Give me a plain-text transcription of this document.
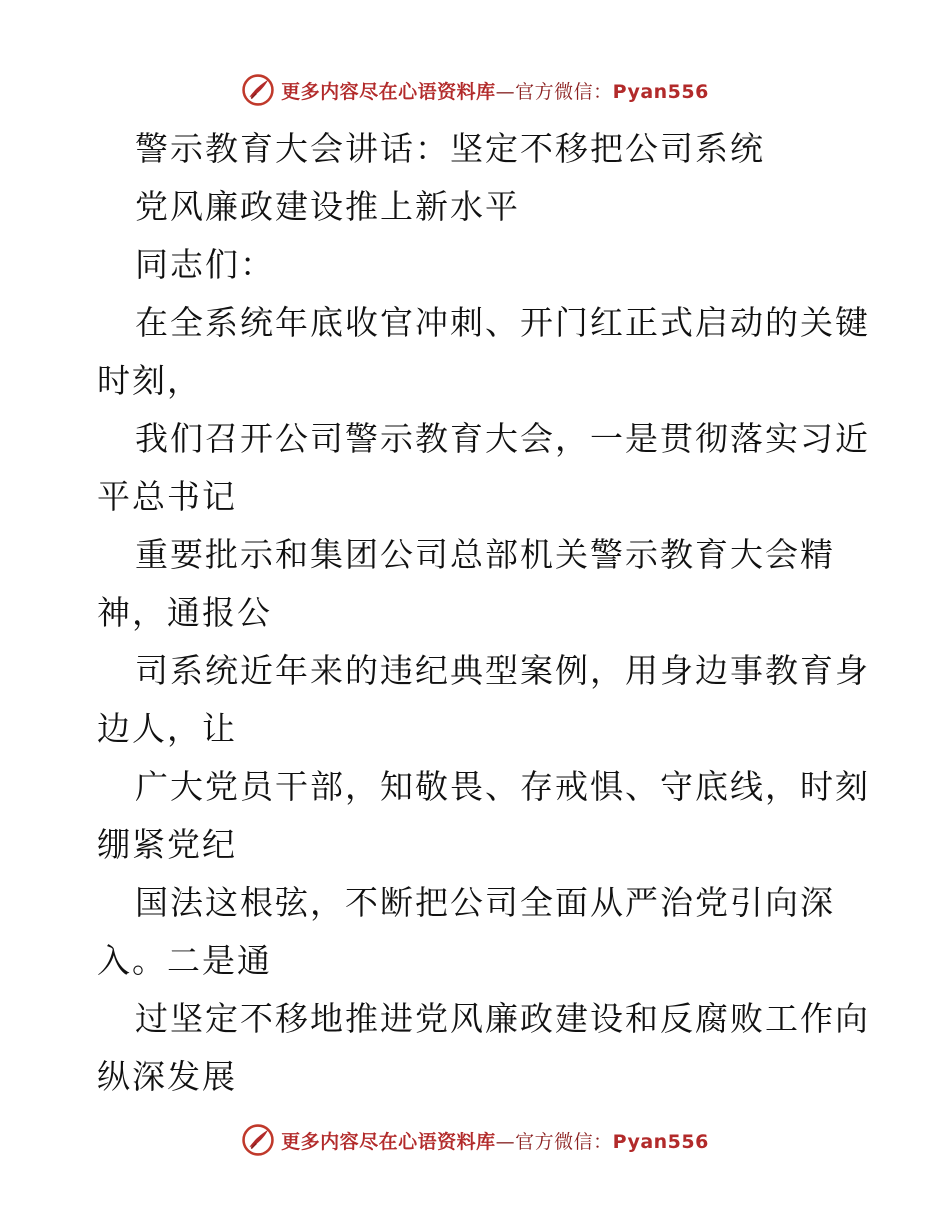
更多内容尽在心语资料库—官方微信：Pyan556
警示教育大会讲话：坚定不移把公司系统
党风廉政建设推上新水平
同志们：
在全系统年底收官冲刺、开门红正式启动的关键
时刻，
我们召开公司警示教育大会，一是贯彻落实习近
平总书记
重要批示和集团公司总部机关警示教育大会精
神，通报公
司系统近年来的违纪典型案例，用身边事教育身
边人，让
广大党员干部，知敬畏、存戒惧、守底线，时刻
绷紧党纪
国法这根弦，不断把公司全面从严治党引向深
入。二是通
过坚定不移地推进党风廉政建设和反腐败工作向
纵深发展
更多内容尽在心语资料库—官方微信：Pyan556
